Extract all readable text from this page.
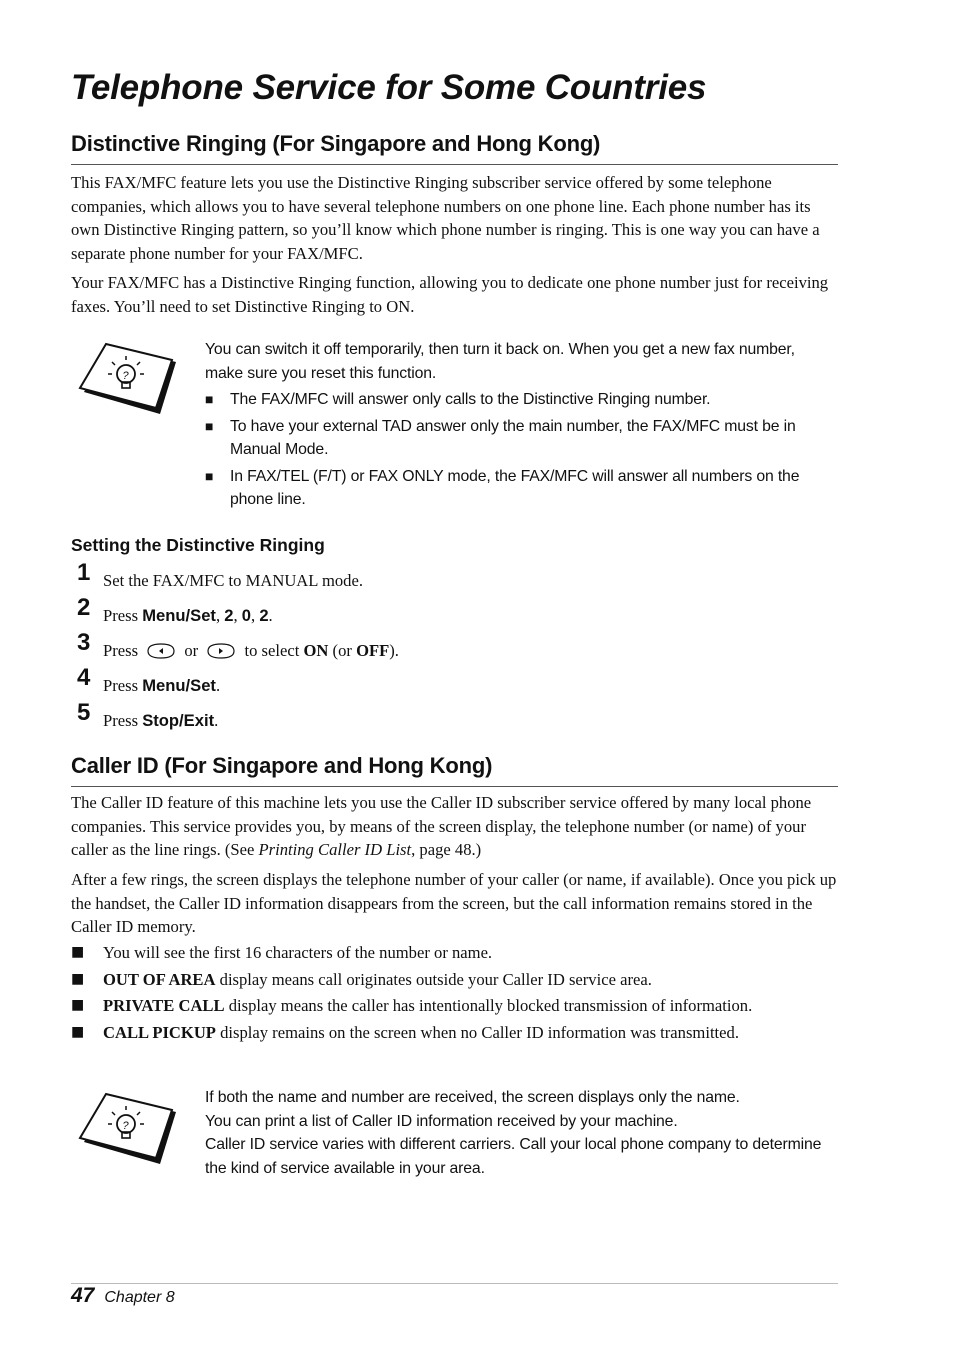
Telephone Service for Some Countries
Distinctive Ringing (For Singapore and Hong Kong)

This FAX/MFC feature lets you use the Distinctive Ringing subscriber service offered by some telephone companies, which allows you to have several telephone numbers on one phone line. Each phone number has its own Distinctive Ringing pattern, so you’ll know which phone number is ringing. This is one way you can have a separate phone number for your FAX/MFC.

Your FAX/MFC has a Distinctive Ringing function, allowing you to dedicate one phone number just for receiving faxes. You’ll need to set Distinctive Ringing to ON.

?

You can switch it off temporarily, then turn it back on. When you get a new fax number, make sure you reset this function.

■ The FAX/MFC will answer only calls to the Distinctive Ringing number.
■ To have your external TAD answer only the main number, the FAX/MFC must be in Manual Mode.
■ In FAX/TEL (F/T) or FAX ONLY mode, the FAX/MFC will answer all numbers on the phone line.
Setting the Distinctive Ringing
1 Set the FAX/MFC to MANUAL mode.
2 Press Menu/Set, 2, 0, 2.
3 Press	or	to select ON (or OFF).
4 Press Menu/Set.
5 Press Stop/Exit.
Caller ID (For Singapore and Hong Kong)

The Caller ID feature of this machine lets you use the Caller ID subscriber service offered by many local phone companies. This service provides you, by means of the screen display, the telephone number (or name) of your caller as the line rings. (See Printing Caller ID List, page 48.)

After a few rings, the screen displays the telephone number of your caller (or name, if available). Once you pick up the handset, the Caller ID information disappears from the screen, but the call information remains stored in the Caller ID memory.

■ You will see the first 16 characters of the number or name.
■ OUT OF AREA display means call originates outside your Caller ID service area.
■ PRIVATE CALL display means the caller has intentionally blocked transmission of information.
■ CALL PICKUP display remains on the screen when no Caller ID information was transmitted.
?

If both the name and number are received, the screen displays only the name.

You can print a list of Caller ID information received by your machine.

Caller ID service varies with different carriers. Call your local phone company to determine the kind of service available in your area.

47 Chapter 8
